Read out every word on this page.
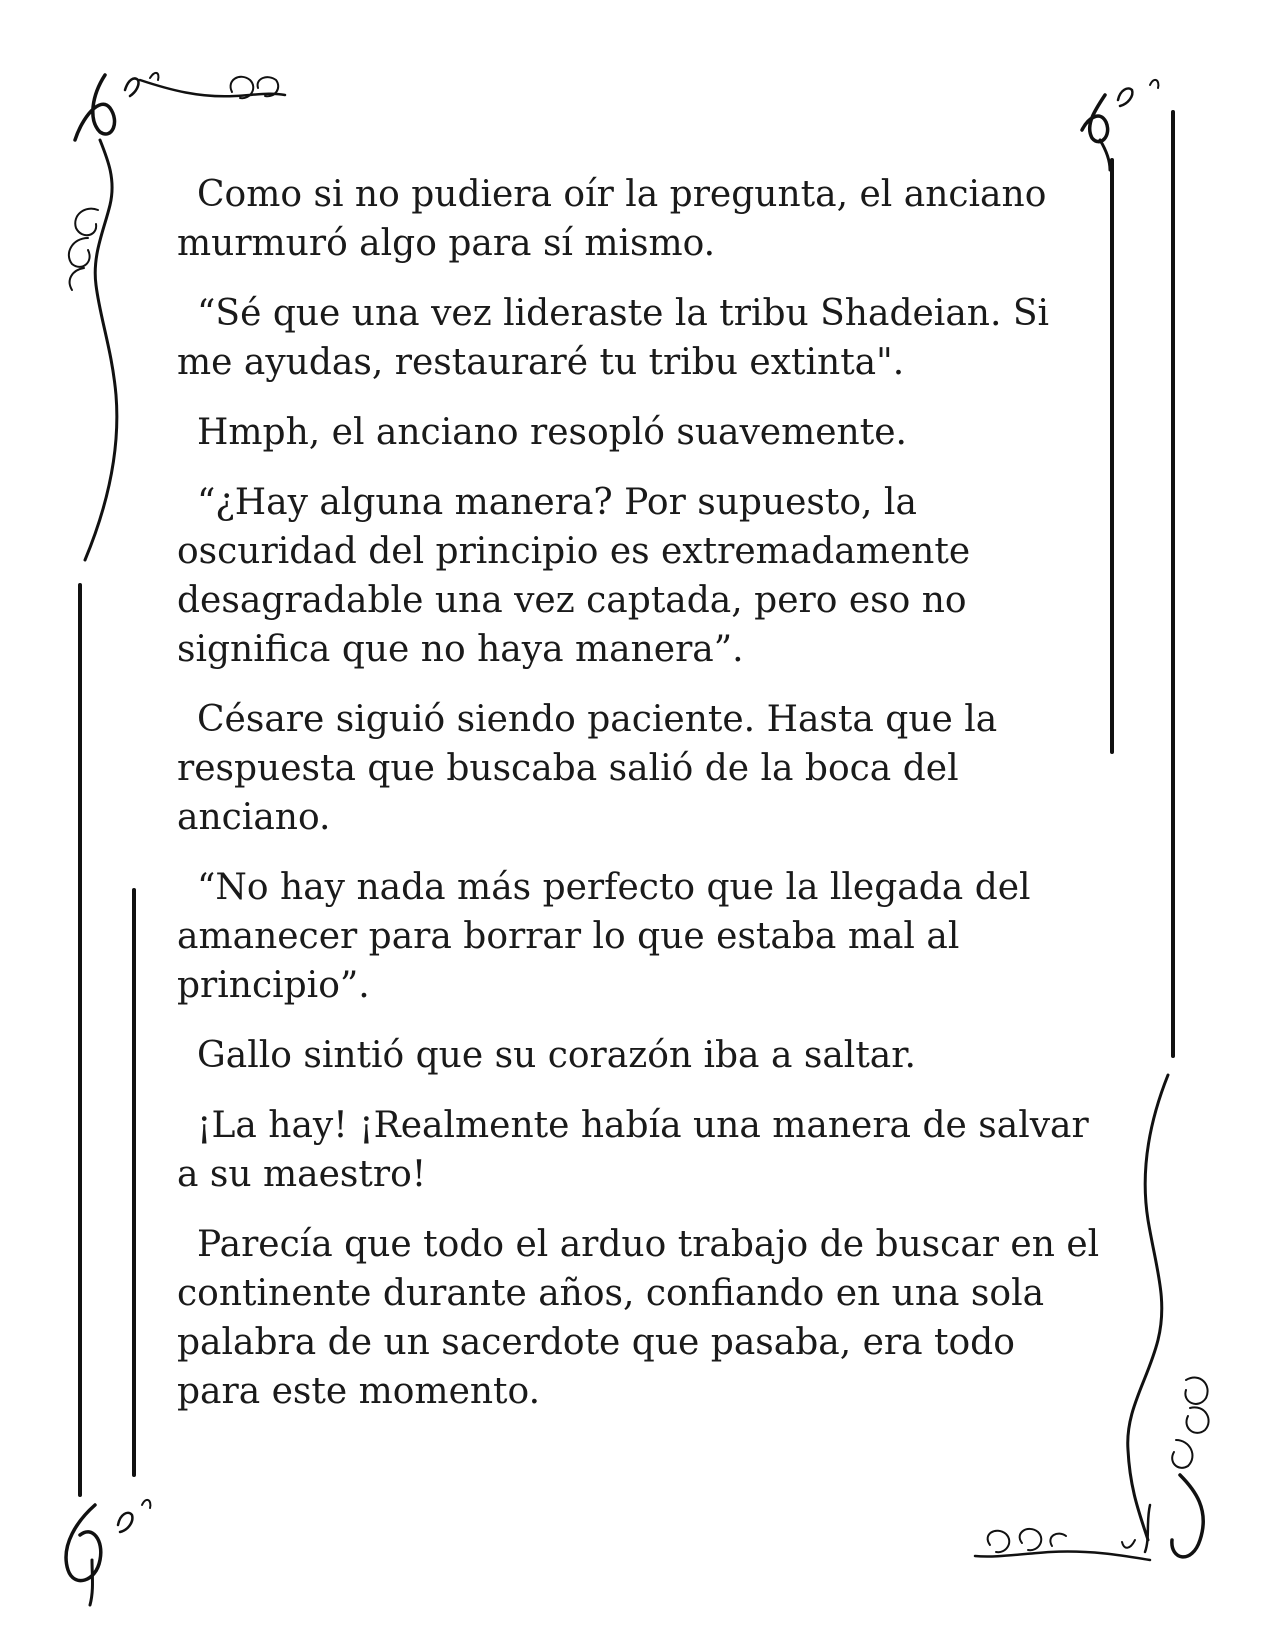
Como si no pudiera oír la pregunta, el anciano murmuró algo para sí mismo.

“Sé que una vez lideraste la tribu Shadeian. Si me ayudas, restauraré tu tribu extinta".

Hmph, el anciano resopló suavemente.

“¿Hay alguna manera? Por supuesto, la oscuridad del principio es extremadamente desagradable una vez captada, pero eso no significa que no haya manera”.

Césare siguió siendo paciente. Hasta que la respuesta que buscaba salió de la boca del anciano.

“No hay nada más perfecto que la llegada del amanecer para borrar lo que estaba mal al principio”.

Gallo sintió que su corazón iba a saltar.

¡La hay! ¡Realmente había una manera de salvar a su maestro!

Parecía que todo el arduo trabajo de buscar en el continente durante años, confiando en una sola palabra de un sacerdote que pasaba, era todo para este momento.
